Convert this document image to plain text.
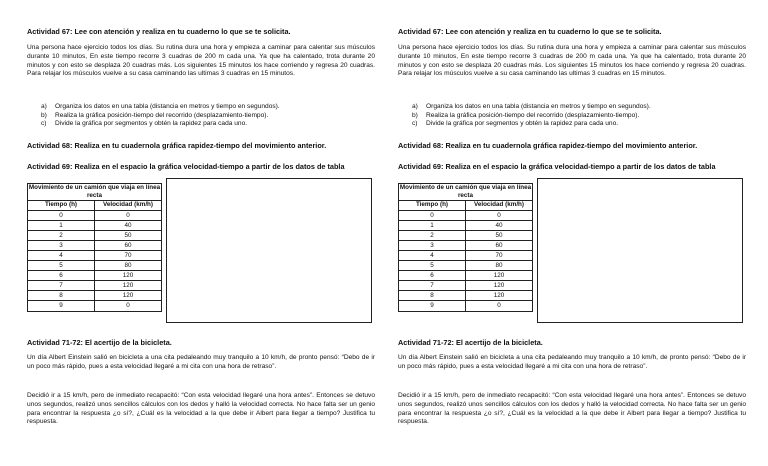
Actividad 67: Lee con atención y realiza en tu cuaderno lo que se te solicita.
Una persona hace ejercicio todos los días. Su rutina dura una hora y empieza a caminar para calentar sus músculos durante 10 minutos, En este tiempo recorre 3 cuadras de 200 m cada una. Ya que ha calentado, trota durante 20 minutos y con esto se desplaza 20 cuadras más. Los siguientes 15 minutos los hace corriendo y regresa 20 cuadras. Para relajar los músculos vuelve a su casa caminando las ultimas 3 cuadras en 15 minutos.
a)	Organiza los datos en una tabla (distancia en metros y tiempo en segundos).
b)	Realiza la gráfica posición-tiempo del recorrido (desplazamiento-tiempo).
c)	Divide la gráfica por segmentos y obtén la rapidez para cada uno.
Actividad 68: Realiza en tu cuadernola gráfica rapidez-tiempo del movimiento anterior.
Actividad 69: Realiza en el espacio la gráfica velocidad-tiempo a partir de los datos de tabla
Movimiento de un camión que viaja en línea recta	
Tiempo (h)	Velocidad (km/h)
0	0
1	40
2	50
3	60
4	70
5	80
6	120
7	120
8	120
9	0
Actividad 71-72: El acertijo de la bicicleta.
Un día Albert Einstein salió en bicicleta a una cita pedaleando muy tranquilo a 10 km/h, de pronto pensó: “Debo de ir un poco más rápido, pues a esta velocidad llegaré a mi cita con una hora de retraso”.
Decidió ir a 15 km/h, pero de inmediato recapacitó: “Con esta velocidad llegaré una hora antes”. Entonces se detuvo unos segundos, realizó unos sencillos cálculos con los dedos y halló la velocidad correcta. No hace falta ser un genio para encontrar la respuesta ¿o sí?, ¿Cuál es la velocidad a la que debe ir Albert para llegar a tiempo? Justifica tu respuesta.
Actividad 67: Lee con atención y realiza en tu cuaderno lo que se te solicita.
Una persona hace ejercicio todos los días. Su rutina dura una hora y empieza a caminar para calentar sus músculos durante 10 minutos, En este tiempo recorre 3 cuadras de 200 m cada una. Ya que ha calentado, trota durante 20 minutos y con esto se desplaza 20 cuadras más. Los siguientes 15 minutos los hace corriendo y regresa 20 cuadras. Para relajar los músculos vuelve a su casa caminando las ultimas 3 cuadras en 15 minutos.
a)	Organiza los datos en una tabla (distancia en metros y tiempo en segundos).
b)	Realiza la gráfica posición-tiempo del recorrido (desplazamiento-tiempo).
c)	Divide la gráfica por segmentos y obtén la rapidez para cada uno.
Actividad 68: Realiza en tu cuadernola gráfica rapidez-tiempo del movimiento anterior.
Actividad 69: Realiza en el espacio la gráfica velocidad-tiempo a partir de los datos de tabla
Movimiento de un camión que viaja en línea recta	
Tiempo (h)	Velocidad (km/h)
0	0
1	40
2	50
3	60
4	70
5	80
6	120
7	120
8	120
9	0
Actividad 71-72: El acertijo de la bicicleta.
Un día Albert Einstein salió en bicicleta a una cita pedaleando muy tranquilo a 10 km/h, de pronto pensó: “Debo de ir un poco más rápido, pues a esta velocidad llegaré a mi cita con una hora de retraso”.
Decidió ir a 15 km/h, pero de inmediato recapacitó: “Con esta velocidad llegaré una hora antes”. Entonces se detuvo unos segundos, realizó unos sencillos cálculos con los dedos y halló la velocidad correcta. No hace falta ser un genio para encontrar la respuesta ¿o sí?, ¿Cuál es la velocidad a la que debe ir Albert para llegar a tiempo? Justifica tu respuesta.
